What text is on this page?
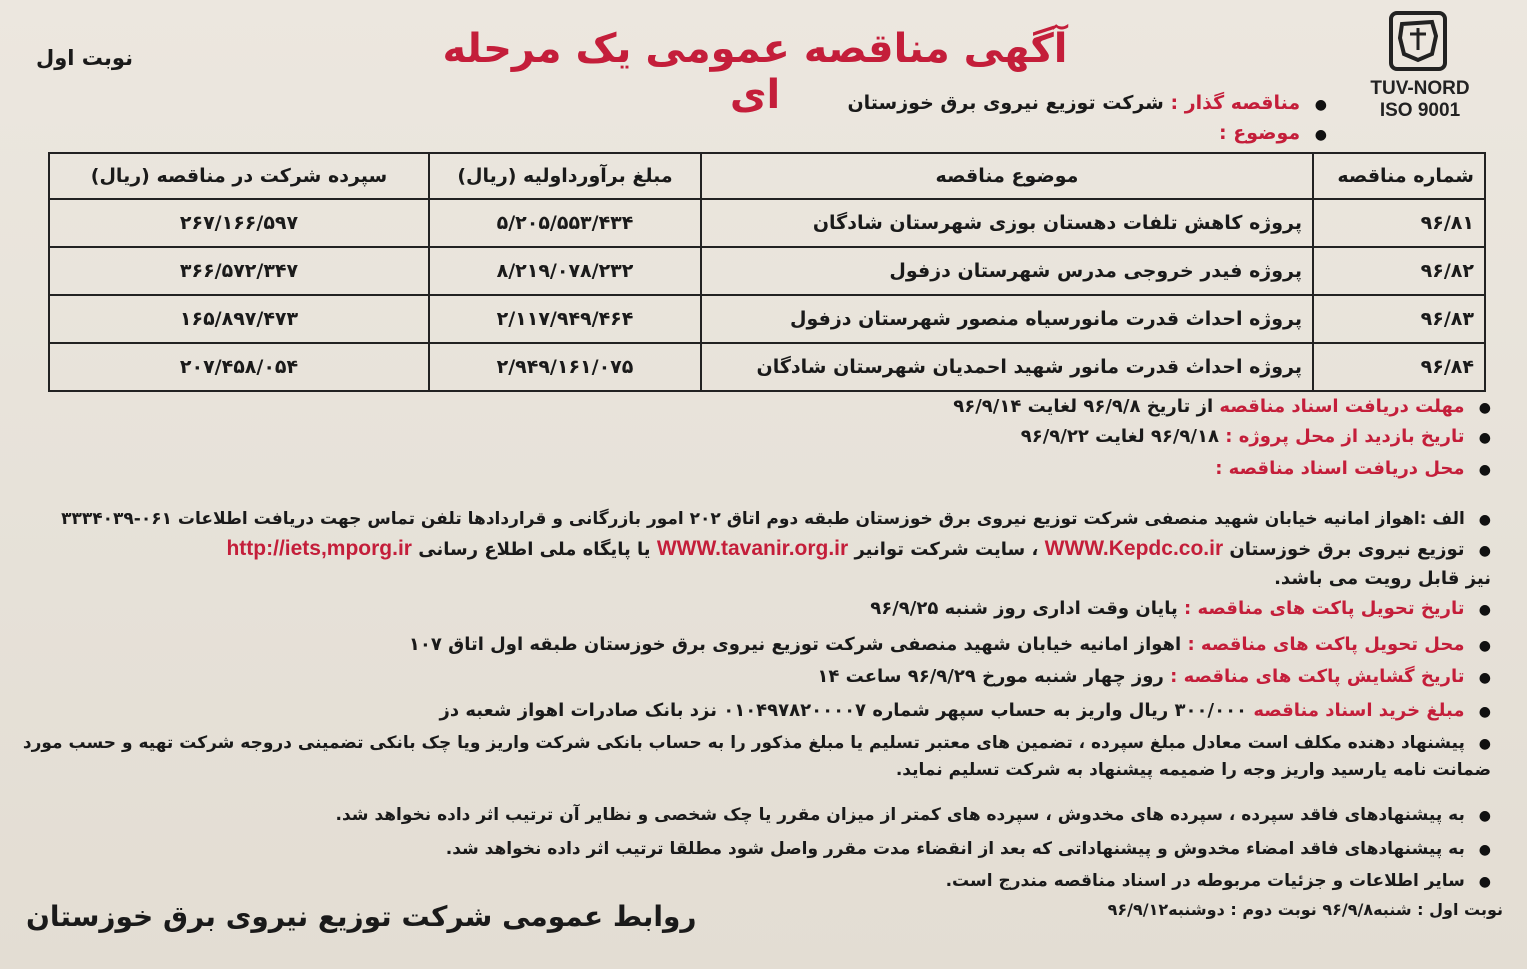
TUV-NORD
ISO 9001
نوبت اول	آگهی مناقصه عمومی یک مرحله ای	● مناقصه گذار : شرکت توزیع نیروی برق خوزستان
● موضوع :
شماره مناقصه	موضوع مناقصه	مبلغ برآورداولیه (ریال)	سپرده شرکت در مناقصه (ریال)
۹۶/۸۱	پروژه کاهش تلفات دهستان بوزی شهرستان شادگان	۵/۲۰۵/۵۵۳/۴۳۴	۲۶۷/۱۶۶/۵۹۷
۹۶/۸۲	پروژه فیدر خروجی مدرس شهرستان دزفول	۸/۲۱۹/۰۷۸/۲۳۲	۳۶۶/۵۷۲/۳۴۷
۹۶/۸۳	پروژه احداث قدرت مانورسیاه منصور شهرستان دزفول	۲/۱۱۷/۹۴۹/۴۶۴	۱۶۵/۸۹۷/۴۷۳
۹۶/۸۴	پروژه احداث قدرت مانور شهید احمدیان شهرستان شادگان	۲/۹۴۹/۱۶۱/۰۷۵	۲۰۷/۴۵۸/۰۵۴
● مهلت دریافت اسناد مناقصه از تاریخ ۹۶/۹/۸ لغایت ۹۶/۹/۱۴
● تاریخ بازدید از محل پروژه : ۹۶/۹/۱۸ لغایت ۹۶/۹/۲۲
● محل دریافت اسناد مناقصه :
● الف :اهواز امانیه خیابان شهید منصفی شرکت توزیع نیروی برق خوزستان طبقه دوم اتاق ۲۰۲ امور بازرگانی و قراردادها تلفن تماس جهت دریافت اطلاعات ۰۶۱-۳۳۳۴۰۳۹
● توزیع نیروی برق خوزستان WWW.Kepdc.co.ir ، سایت شرکت توانیر WWW.tavanir.org.ir یا پایگاه ملی اطلاع رسانی http://iets,mporg.ir
نیز قابل رویت می باشد.
● تاریخ تحویل پاکت های مناقصه : پایان وقت اداری روز شنبه ۹۶/۹/۲۵
● محل تحویل پاکت های مناقصه : اهواز امانیه خیابان شهید منصفی شرکت توزیع نیروی برق خوزستان طبقه اول اتاق ۱۰۷
● تاریخ گشایش پاکت های مناقصه : روز چهار شنبه مورخ ۹۶/۹/۲۹ ساعت ۱۴
● مبلغ خرید اسناد مناقصه ۳۰۰/۰۰۰ ریال واریز به حساب سپهر شماره ۰۱۰۴۹۷۸۲۰۰۰۰۷ نزد بانک صادرات اهواز شعبه دز
● پیشنهاد دهنده مکلف است معادل مبلغ سپرده ، تضمین های معتبر تسلیم یا مبلغ مذکور را به حساب بانکی شرکت واریز ویا چک بانکی تضمینی دروجه شرکت تهیه و حسب مورد ضمانت نامه یارسید واریز وجه را ضمیمه پیشنهاد به شرکت تسلیم نماید.
● به پیشنهادهای فاقد سپرده ، سپرده های مخدوش ، سپرده های کمتر از میزان مقرر یا چک شخصی و نظایر آن ترتیب اثر داده نخواهد شد.
● به پیشنهادهای فاقد امضاء مخدوش و پیشنهاداتی که بعد از انقضاء مدت مقرر واصل شود مطلقا ترتیب اثر داده نخواهد شد.
● سایر اطلاعات و جزئیات مربوطه در اسناد مناقصه مندرج است.
نوبت اول : شنبه۹۶/۹/۸ نوبت دوم : دوشنبه۹۶/۹/۱۲
روابط عمومی شرکت توزیع نیروی برق خوزستان
